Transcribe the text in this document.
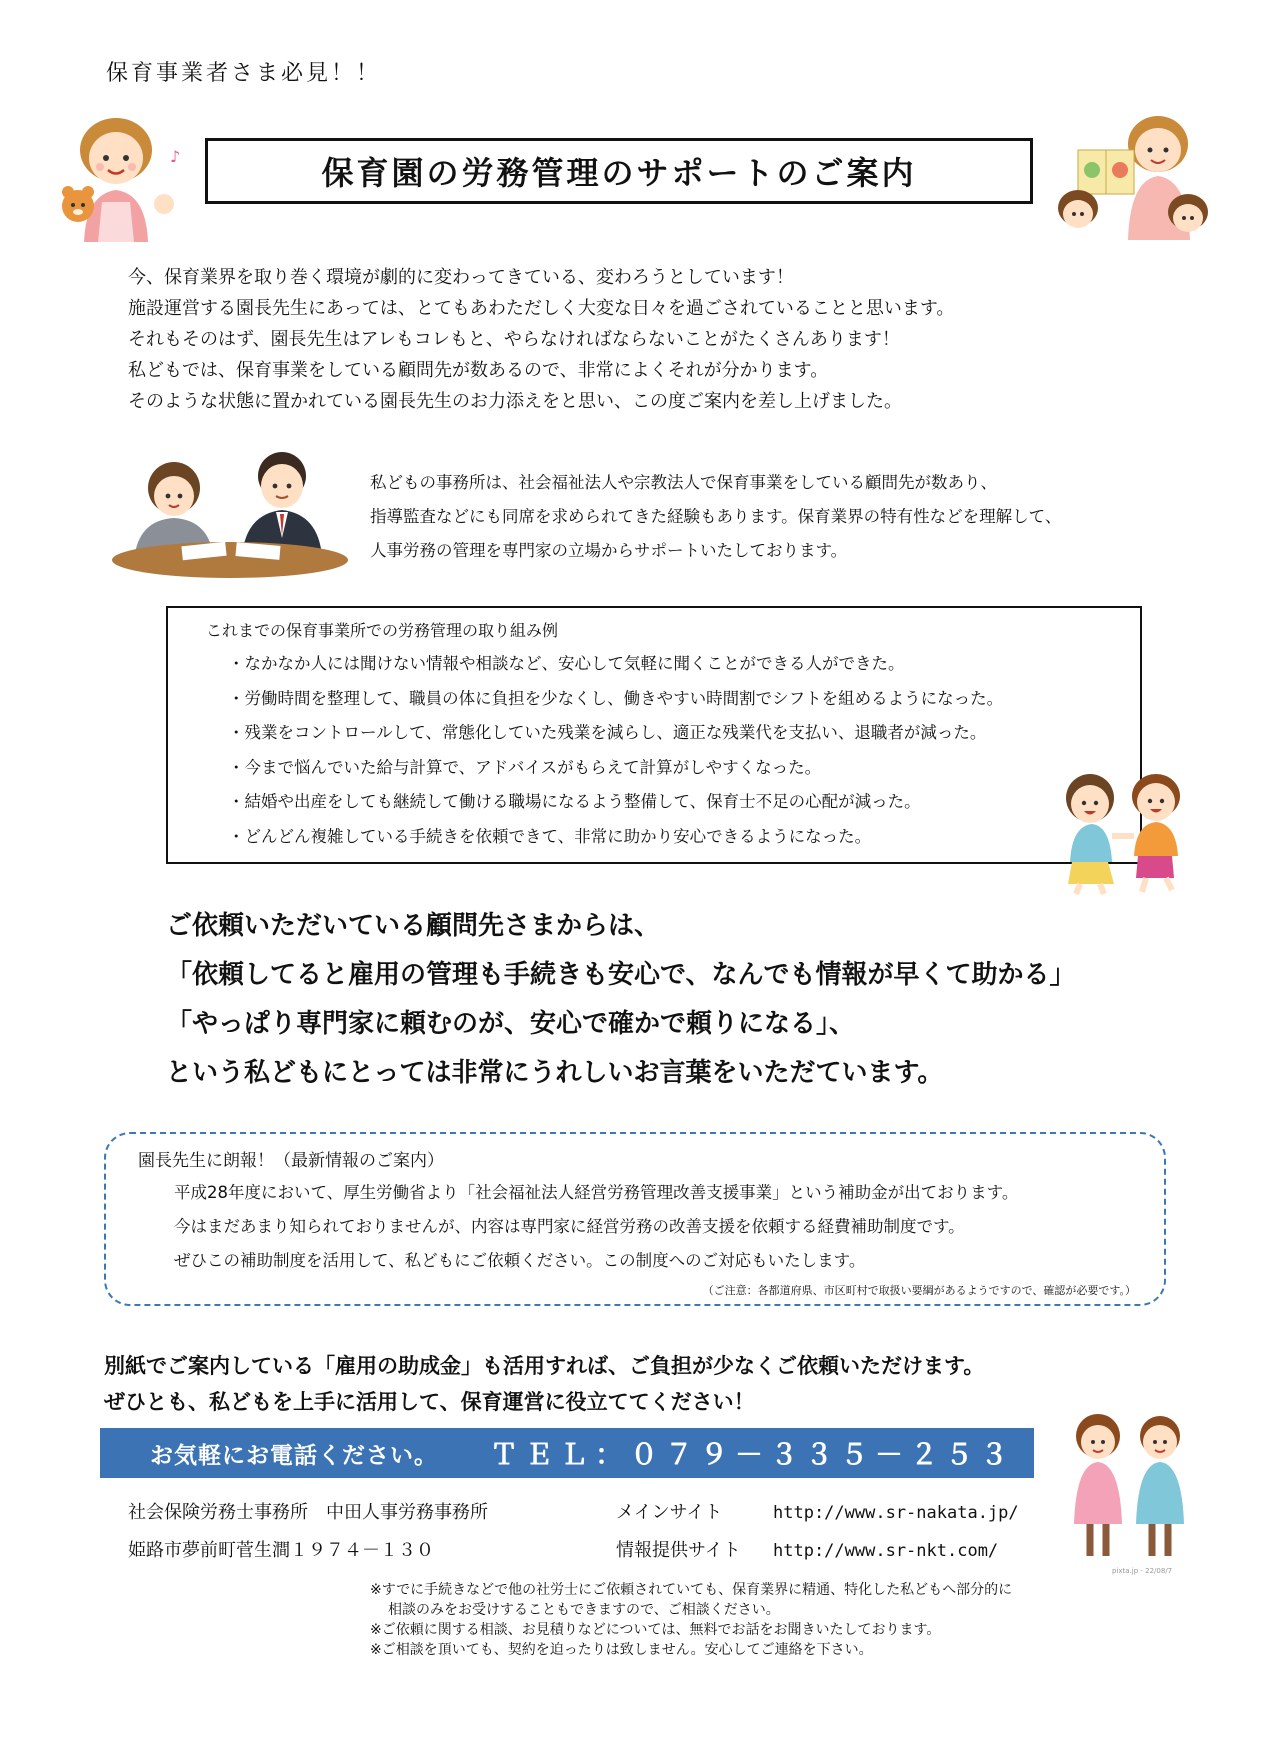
保育事業者さま必見！！
♪	保育園の労務管理のサポートのご案内
今、保育業界を取り巻く環境が劇的に変わってきている、変わろうとしています！
施設運営する園長先生にあっては、とてもあわただしく大変な日々を過ごされていることと思います。
それもそのはず、園長先生はアレもコレもと、やらなければならないことがたくさんあります！
私どもでは、保育事業をしている顧問先が数あるので、非常によくそれが分かります。
そのような状態に置かれている園長先生のお力添えをと思い、この度ご案内を差し上げました。
私どもの事務所は、社会福祉法人や宗教法人で保育事業をしている顧問先が数あり、
指導監査などにも同席を求められてきた経験もあります。保育業界の特有性などを理解して、
人事労務の管理を専門家の立場からサポートいたしております。
これまでの保育事業所での労務管理の取り組み例
・なかなか人には聞けない情報や相談など、安心して気軽に聞くことができる人ができた。
・労働時間を整理して、職員の体に負担を少なくし、働きやすい時間割でシフトを組めるようになった。
・残業をコントロールして、常態化していた残業を減らし、適正な残業代を支払い、退職者が減った。
・今まで悩んでいた給与計算で、アドバイスがもらえて計算がしやすくなった。
・結婚や出産をしても継続して働ける職場になるよう整備して、保育士不足の心配が減った。
・どんどん複雑している手続きを依頼できて、非常に助かり安心できるようになった。
ご依頼いただいている顧問先さまからは、
「依頼してると雇用の管理も手続きも安心で、なんでも情報が早くて助かる」
「やっぱり専門家に頼むのが、安心で確かで頼りになる」、
という私どもにとっては非常にうれしいお言葉をいただています。
園長先生に朗報！（最新情報のご案内）
平成28年度において、厚生労働省より「社会福祉法人経営労務管理改善支援事業」という補助金が出ております。
今はまだあまり知られておりませんが、内容は専門家に経営労務の改善支援を依頼する経費補助制度です。
ぜひこの補助制度を活用して、私どもにご依頼ください。この制度へのご対応もいたします。
（ご注意：各都道府県、市区町村で取扱い要綱があるようですので、確認が必要です。）
別紙でご案内している「雇用の助成金」も活用すれば、ご負担が少なくご依頼いただけます。
ぜひとも、私どもを上手に活用して、保育運営に役立ててください！
お気軽にお電話ください。 ＴＥＬ：０７９－３３５－２５３
pixta.jp - 22/08/7
社会保険労務士事務所　中田人事労務事務所	メインサイト	http://www.sr-nakata.jp/
姫路市夢前町菅生澗１９７４－１３０	情報提供サイト	http://www.sr-nkt.com/
※すでに手続きなどで他の社労士にご依頼されていても、保育業界に精通、特化した私どもへ部分的に
相談のみをお受けすることもできますので、ご相談ください。
※ご依頼に関する相談、お見積りなどについては、無料でお話をお聞きいたしております。
※ご相談を頂いても、契約を迫ったりは致しません。安心してご連絡を下さい。
